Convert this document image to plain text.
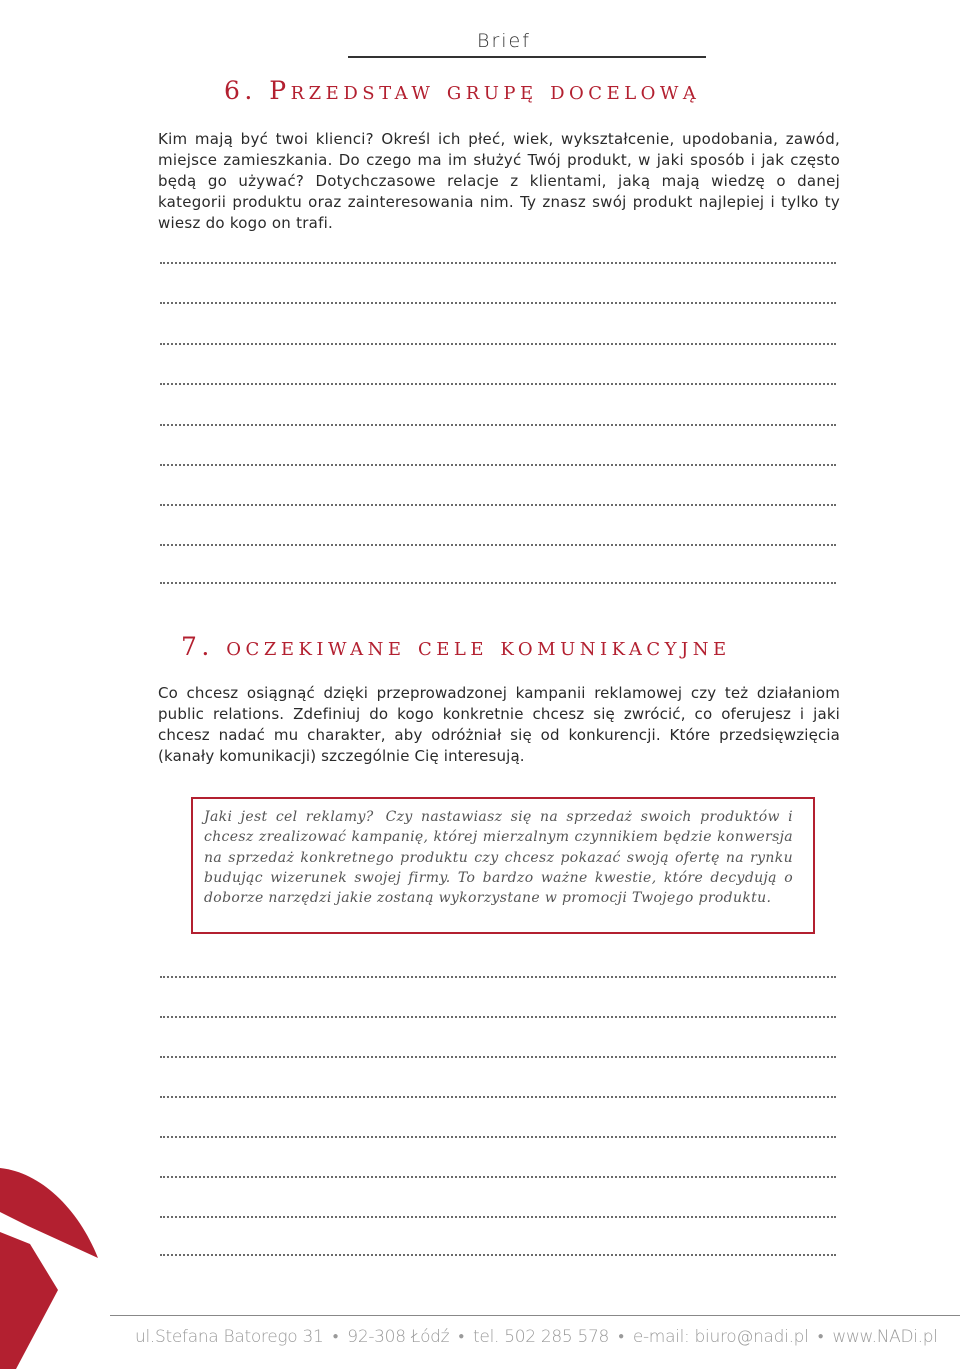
Brief
6. Przedstaw grupę docelową

Kim mają być twoi klienci? Określ ich płeć, wiek, wykształcenie, upodobania, zawód, miejsce zamieszkania. Do czego ma im służyć Twój produkt, w jaki sposób i jak często będą go używać? Dotychczasowe relacje z klientami, jaką mają wiedzę o danej kategorii produktu oraz zainteresowania nim. Ty znasz swój produkt najlepiej i tylko ty wiesz do kogo on trafi.

7. oczekiwane cele komunikacyjne

Co chcesz osiągnąć dzięki przeprowadzonej kampanii reklamowej czy też działaniom public relations. Zdefiniuj do kogo konkretnie chcesz się zwrócić, co oferujesz i jaki chcesz nadać mu charakter, aby odróżniał się od konkurencji. Które przedsięwzięcia (kanały komunikacji) szczególnie Cię interesują.

Jaki jest cel reklamy? Czy nastawiasz się na sprzedaż swoich produktów i chcesz zrealizować kampanię, której mierzalnym czynnikiem będzie konwersja na sprzedaż konkretnego produktu czy chcesz pokazać swoją ofertę na rynku budując wizerunek swojej firmy. To bardzo ważne kwestie, które decydują o doborze narzędzi jakie zostaną wykorzystane w promocji Twojego produktu.
ul.Stefana Batorego 31 ● 92-308 Łódź ● tel. 502 285 578 ● e-mail: biuro@nadi.pl ● www.NADi.pl
